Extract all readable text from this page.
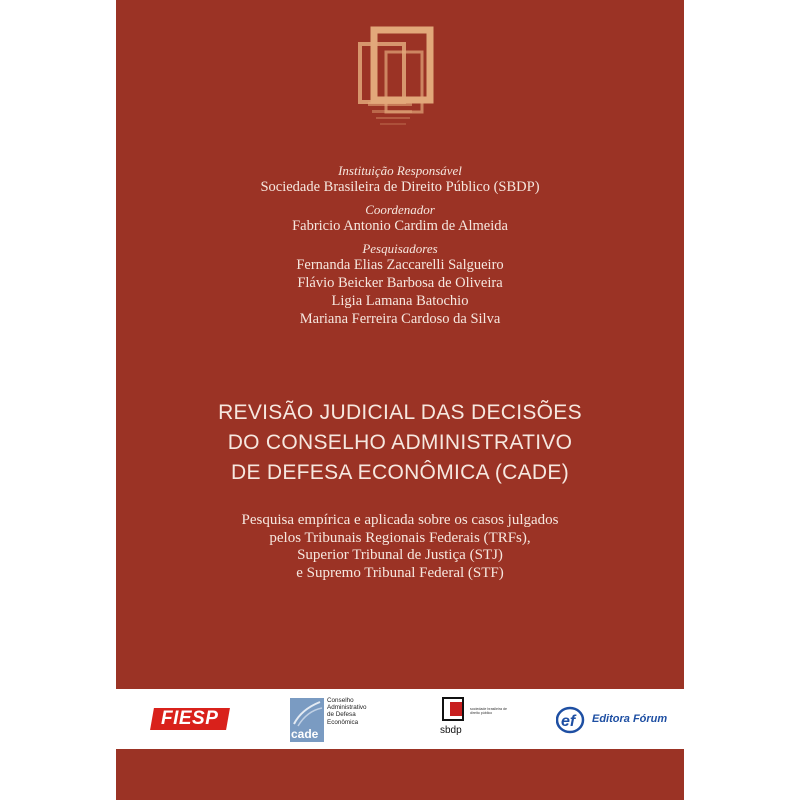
Instituição Responsável
Sociedade Brasileira de Direito Público (SBDP)
Coordenador
Fabricio Antonio Cardim de Almeida
Pesquisadores
Fernanda Elias Zaccarelli Salgueiro
Flávio Beicker Barbosa de Oliveira
Ligia Lamana Batochio
Mariana Ferreira Cardoso da Silva
REVISÃO JUDICIAL DAS DECISÕES
DO CONSELHO ADMINISTRATIVO
DE DEFESA ECONÔMICA (CADE)
Pesquisa empírica e aplicada sobre os casos julgados
pelos Tribunais Regionais Federais (TRFs),
Superior Tribunal de Justiça (STJ)
e Supremo Tribunal Federal (STF)
FIESP
cade
Conselho
Administrativo
de Defesa
Econômica
sbdp
sociedade brasileira de direito público	ef Editora Fórum
